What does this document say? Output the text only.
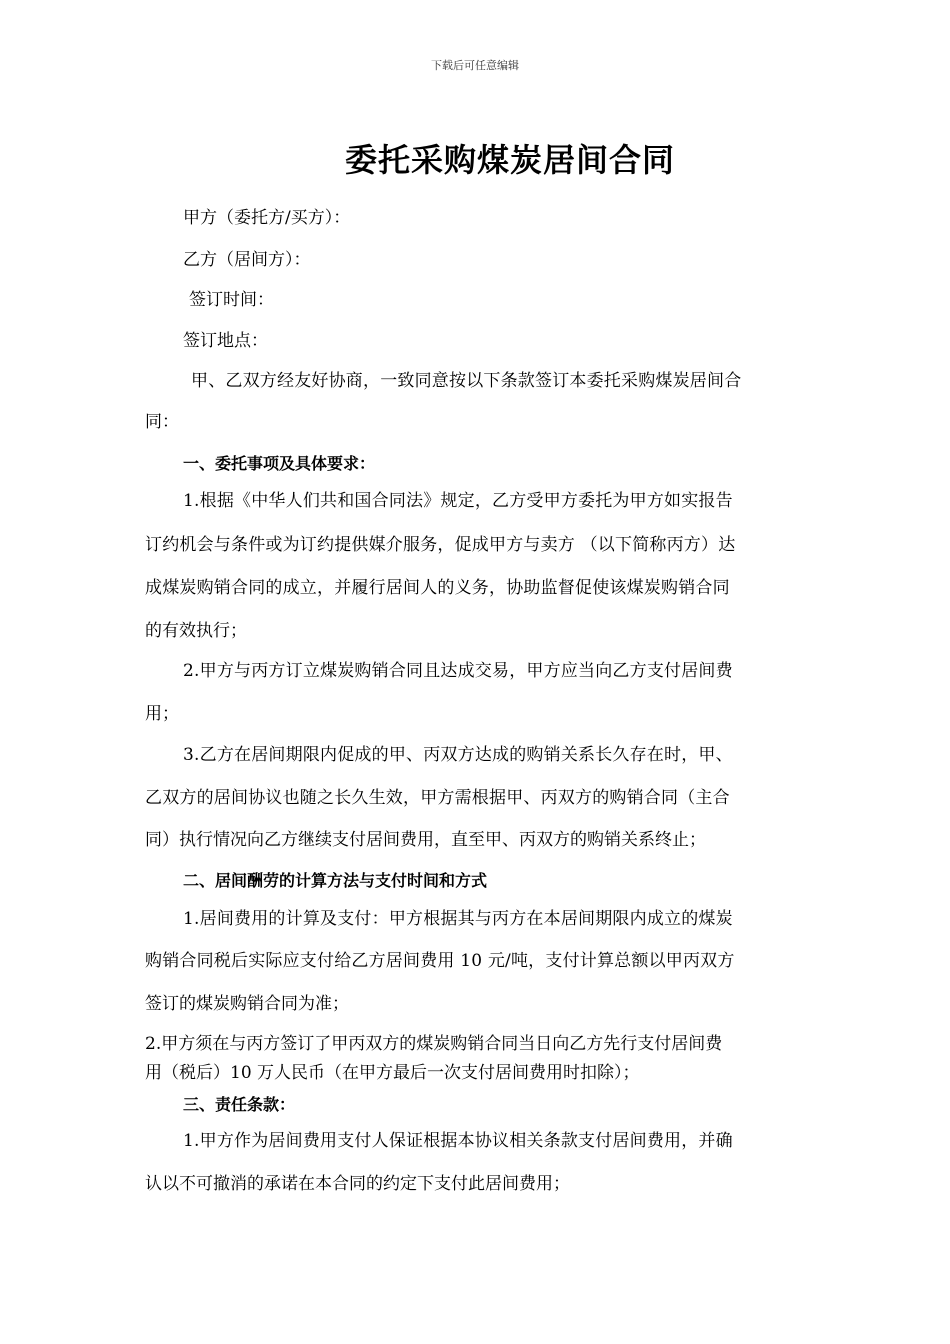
下载后可任意编辑
委托采购煤炭居间合同
甲方（委托方/买方）：
乙方（居间方）：
签订时间：
签订地点：
甲、乙双方经友好协商，一致同意按以下条款签订本委托采购煤炭居间合
同：
一、委托事项及具体要求：
1.根据《中华人们共和国合同法》规定，乙方受甲方委托为甲方如实报告
订约机会与条件或为订约提供媒介服务，促成甲方与卖方 （以下简称丙方）达
成煤炭购销合同的成立，并履行居间人的义务，协助监督促使该煤炭购销合同
的有效执行；
2.甲方与丙方订立煤炭购销合同且达成交易，甲方应当向乙方支付居间费
用；
3.乙方在居间期限内促成的甲、丙双方达成的购销关系长久存在时，甲、
乙双方的居间协议也随之长久生效，甲方需根据甲、丙双方的购销合同（主合
同）执行情况向乙方继续支付居间费用，直至甲、丙双方的购销关系终止；
二、居间酬劳的计算方法与支付时间和方式
1.居间费用的计算及支付：甲方根据其与丙方在本居间期限内成立的煤炭
购销合同税后实际应支付给乙方居间费用 10 元/吨，支付计算总额以甲丙双方
签订的煤炭购销合同为准；
2.甲方须在与丙方签订了甲丙双方的煤炭购销合同当日向乙方先行支付居间费
用（税后）10 万人民币（在甲方最后一次支付居间费用时扣除）；
三、责任条款：
1.甲方作为居间费用支付人保证根据本协议相关条款支付居间费用，并确
认以不可撤消的承诺在本合同的约定下支付此居间费用；
